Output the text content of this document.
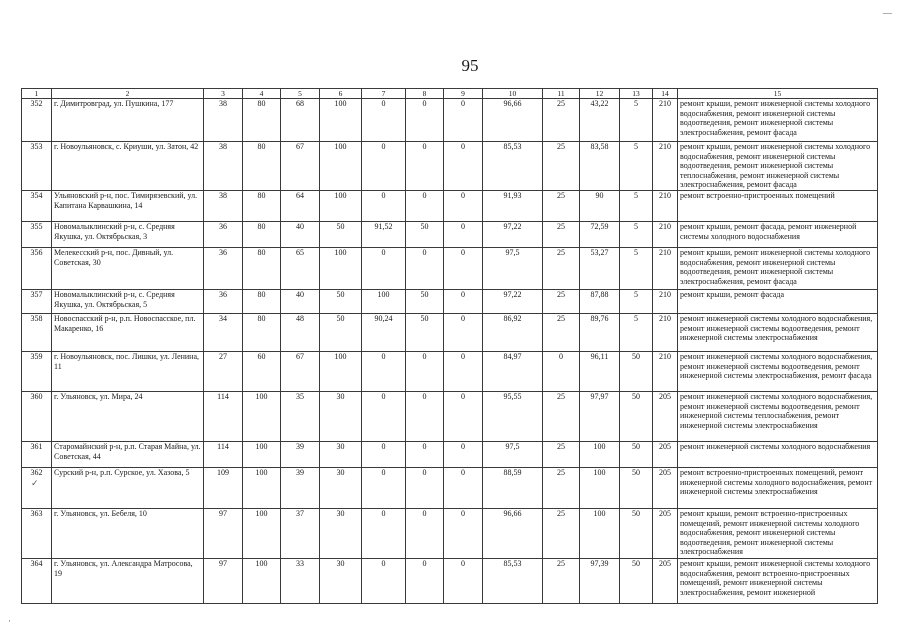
95
1	2	3	4	5	6	7	8	9	10	11	12	13	14	15
352	г. Димитровград, ул. Пушкина, 177	38	80	68	100	0	0	0	96,66	25	43,22	5	210	ремонт крыши, ремонт инженерной системы холодного водоснабжения, ремонт инженерной системы водоотведения, ремонт инженерной системы электроснабжения, ремонт фасада
353	г. Новоульяновск, с. Криуши, ул. Затон, 42	38	80	67	100	0	0	0	85,53	25	83,58	5	210	ремонт крыши, ремонт инженерной системы холодного водоснабжения, ремонт инженерной системы водоотведения, ремонт инженерной системы теплоснабжения, ремонт инженерной системы электроснабжения, ремонт фасада
354	Ульяновский р-н, пос. Тимирязевский, ул. Капитана Карвашкина, 14	38	80	64	100	0	0	0	91,93	25	90	5	210	ремонт встроенно-пристроенных помещений
355	Новомалыклинский р-н, с. Средняя Якушка, ул. Октябрьская, 3	36	80	40	50	91,52	50	0	97,22	25	72,59	5	210	ремонт крыши, ремонт фасада, ремонт инженерной системы холодного водоснабжения
356	Мелекесский р-н, пос. Дивный, ул. Советская, 30	36	80	65	100	0	0	0	97,5	25	53,27	5	210	ремонт крыши, ремонт инженерной системы холодного водоснабжения, ремонт инженерной системы водоотведения, ремонт инженерной системы электроснабжения, ремонт фасада
357	Новомалыклинский р-н, с. Средняя Якушка, ул. Октябрьская, 5	36	80	40	50	100	50	0	97,22	25	87,88	5	210	ремонт крыши, ремонт фасада
358	Новоспасский р-н, р.п. Новоспасское, пл. Макаренко, 16	34	80	48	50	90,24	50	0	86,92	25	89,76	5	210	ремонт инженерной системы холодного водоснабжения, ремонт инженерной системы водоотведения, ремонт инженерной системы электроснабжения
359	г. Новоульяновск, пос. Лишки, ул. Ленина, 11	27	60	67	100	0	0	0	84,97	0	96,11	50	210	ремонт инженерной системы холодного водоснабжения, ремонт инженерной системы водоотведения, ремонт инженерной системы электроснабжения, ремонт фасада
360	г. Ульяновск, ул. Мира, 24	114	100	35	30	0	0	0	95,55	25	97,97	50	205	ремонт инженерной системы холодного водоснабжения, ремонт инженерной системы водоотведения, ремонт инженерной системы теплоснабжения, ремонт инженерной системы электроснабжения
361	Старомайнский р-н, р.п. Старая Майна, ул. Советская, 44	114	100	39	30	0	0	0	97,5	25	100	50	205	ремонт инженерной системы холодного водоснабжения
362	Сурский р-н, р.п. Сурское, ул. Хазова, 5	109	100	39	30	0	0	0	88,59	25	100	50	205	ремонт встроенно-пристроенных помещений, ремонт инженерной системы холодного водоснабжения, ремонт инженерной системы электроснабжения
363	г. Ульяновск, ул. Бебеля, 10	97	100	37	30	0	0	0	96,66	25	100	50	205	ремонт крыши, ремонт встроенно-пристроенных помещений, ремонт инженерной системы холодного водоснабжения, ремонт инженерной системы водоотведения, ремонт инженерной системы электроснабжения
364	г. Ульяновск, ул. Александра Матросова, 19	97	100	33	30	0	0	0	85,53	25	97,39	50	205	ремонт крыши, ремонт инженерной системы холодного водоснабжения, ремонт встроенно-пристроенных помещений, ремонт инженерной системы электроснабжения, ремонт инженерной
✓
·
—
